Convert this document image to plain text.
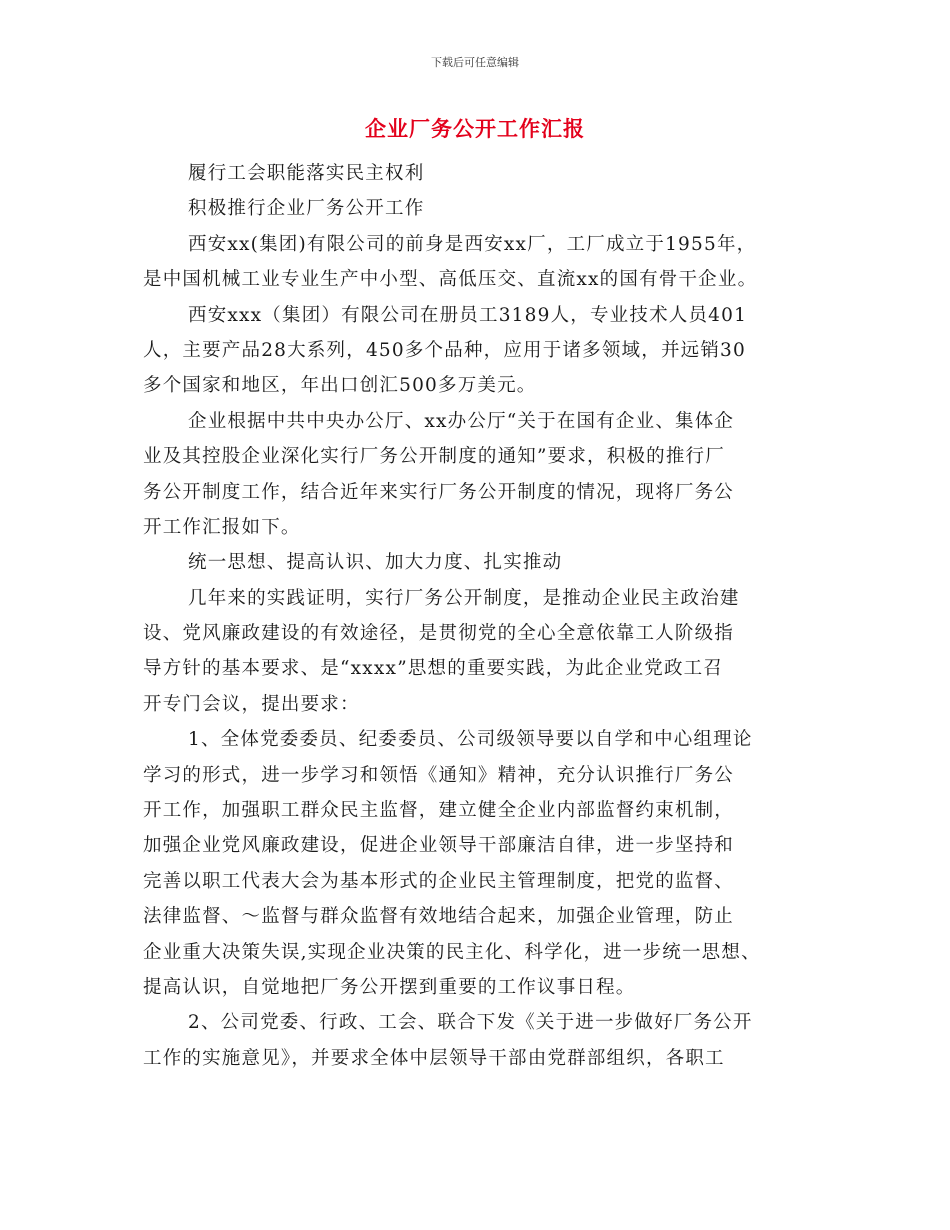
下载后可任意编辑
企业厂务公开工作汇报
履行工会职能落实民主权利
积极推行企业厂务公开工作
西安xx(集团)有限公司的前身是西安xx厂，工厂成立于1955年，
是中国机械工业专业生产中小型、高低压交、直流xx的国有骨干企业。
西安xxx（集团）有限公司在册员工3189人，专业技术人员401
人，主要产品28大系列，450多个品种，应用于诸多领域，并远销30
多个国家和地区，年出口创汇500多万美元。
企业根据中共中央办公厅、xx办公厅“关于在国有企业、集体企
业及其控股企业深化实行厂务公开制度的通知”要求，积极的推行厂
务公开制度工作，结合近年来实行厂务公开制度的情况，现将厂务公
开工作汇报如下。
统一思想、提高认识、加大力度、扎实推动
几年来的实践证明，实行厂务公开制度，是推动企业民主政治建
设、党风廉政建设的有效途径，是贯彻党的全心全意依靠工人阶级指
导方针的基本要求、是“xxxx”思想的重要实践，为此企业党政工召
开专门会议，提出要求：
1、全体党委委员、纪委委员、公司级领导要以自学和中心组理论
学习的形式，进一步学习和领悟《通知》精神，充分认识推行厂务公
开工作，加强职工群众民主监督，建立健全企业内部监督约束机制，
加强企业党风廉政建设，促进企业领导干部廉洁自律，进一步坚持和
完善以职工代表大会为基本形式的企业民主管理制度，把党的监督、
法律监督、～监督与群众监督有效地结合起来，加强企业管理，防止
企业重大决策失误,实现企业决策的民主化、科学化，进一步统一思想、
提高认识，自觉地把厂务公开摆到重要的工作议事日程。
2、公司党委、行政、工会、联合下发《关于进一步做好厂务公开
工作的实施意见》，并要求全体中层领导干部由党群部组织，各职工
